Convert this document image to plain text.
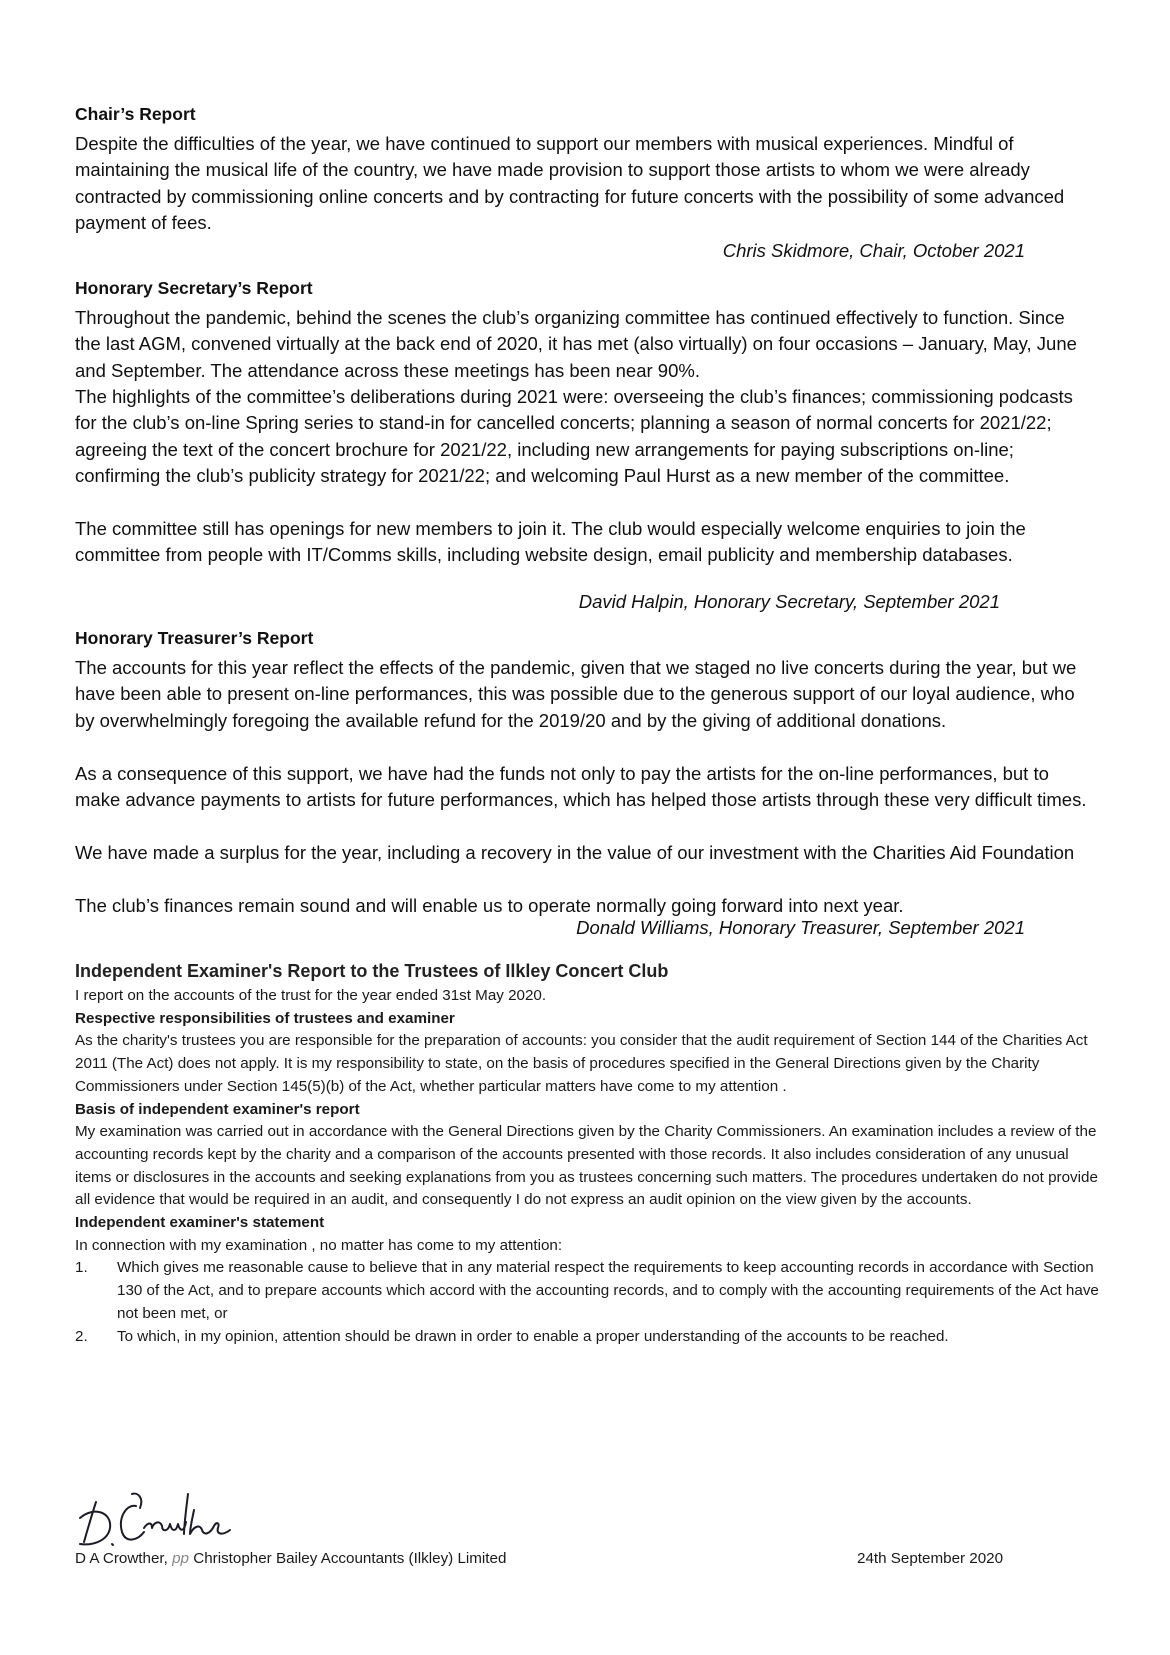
Chair’s Report
Despite the difficulties of the year, we have continued to support our members with musical experiences. Mindful of maintaining the musical life of the country, we have made provision to support those artists to whom we were already contracted by commissioning online concerts and by contracting for future concerts with the possibility of some advanced payment of fees.
Chris Skidmore, Chair, October 2021
Honorary Secretary’s Report
Throughout the pandemic, behind the scenes the club’s organizing committee has continued effectively to function. Since the last AGM, convened virtually at the back end of 2020, it has met (also virtually) on four occasions – January, May, June and September. The attendance across these meetings has been near 90%.
The highlights of the committee’s deliberations during 2021 were: overseeing the club’s finances; commissioning podcasts for the club’s on-line Spring series to stand-in for cancelled concerts; planning a season of normal concerts for 2021/22; agreeing the text of the concert brochure for 2021/22, including new arrangements for paying subscriptions on-line; confirming the club’s publicity strategy for 2021/22; and welcoming Paul Hurst as a new member of the committee.
The committee still has openings for new members to join it. The club would especially welcome enquiries to join the committee from people with IT/Comms skills, including website design, email publicity and membership databases.
David Halpin, Honorary Secretary, September 2021
Honorary Treasurer’s Report
The accounts for this year reflect the effects of the pandemic, given that we staged no live concerts during the year, but we have been able to present on-line performances, this was possible due to the generous support of our loyal audience, who by overwhelmingly foregoing the available refund for the 2019/20 and by the giving of additional donations.
As a consequence of this support, we have had the funds not only to pay the artists for the on-line performances, but to make advance payments to artists for future performances, which has helped those artists through these very difficult times.
We have made a surplus for the year, including a recovery in the value of our investment with the Charities Aid Foundation
The club’s finances remain sound and will enable us to operate normally going forward into next year.
Donald Williams, Honorary Treasurer, September 2021
Independent Examiner's Report to the Trustees of Ilkley Concert Club
I report on the accounts of the trust for the year ended 31st May 2020.
Respective responsibilities of trustees and examiner
As the charity's trustees you are responsible for the preparation of accounts: you consider that the audit requirement of Section 144 of the Charities Act 2011 (The Act) does not apply. It is my responsibility to state, on the basis of procedures specified in the General Directions given by the Charity Commissioners under Section 145(5)(b) of the Act, whether particular matters have come to my attention .
Basis of independent examiner's report
My examination was carried out in accordance with the General Directions given by the Charity Commissioners. An examination includes a review of the accounting records kept by the charity and a comparison of the accounts presented with those records. It also includes consideration of any unusual items or disclosures in the accounts and seeking explanations from you as trustees concerning such matters. The procedures undertaken do not provide all evidence that would be required in an audit, and consequently I do not express an audit opinion on the view given by the accounts.
Independent examiner's statement
In connection with my examination , no matter has come to my attention:
1. Which gives me reasonable cause to believe that in any material respect the requirements to keep accounting records in accordance with Section 130 of the Act, and to prepare accounts which accord with the accounting records, and to comply with the accounting requirements of the Act have not been met, or
2. To which, in my opinion, attention should be drawn in order to enable a proper understanding of the accounts to be reached.
D A Crowther, pp Christopher Bailey Accountants (Ilkley) Limited	24th September 2020
